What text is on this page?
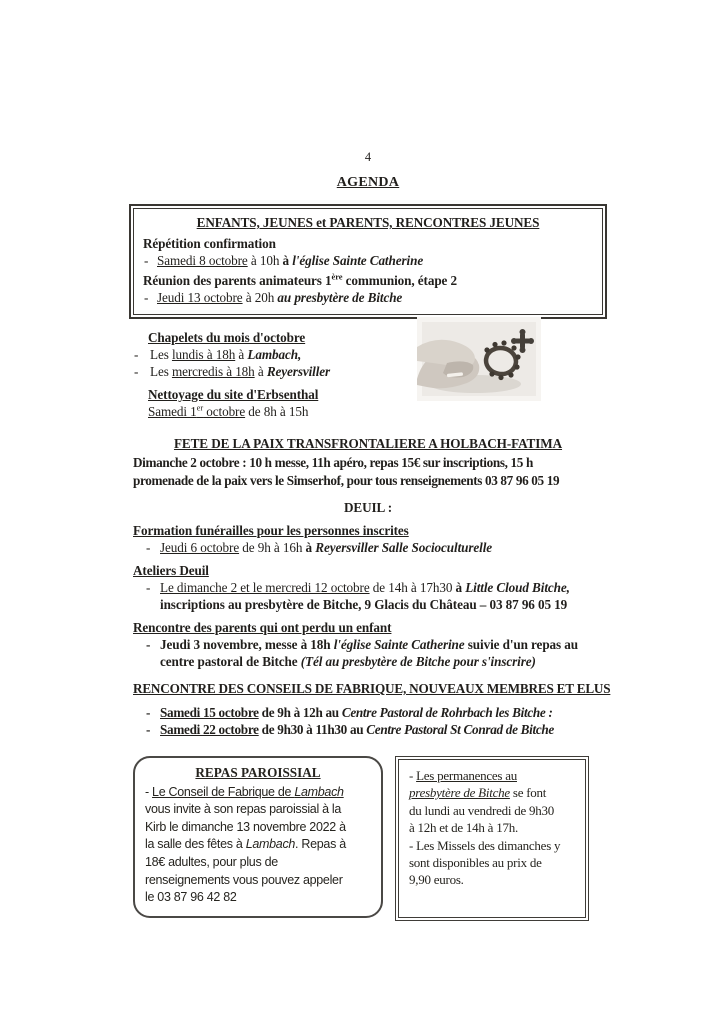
4
AGENDA
ENFANTS, JEUNES et PARENTS, RENCONTRES JEUNES
Répétition confirmation
- Samedi 8 octobre à 10h à l'église Sainte Catherine
Réunion des parents animateurs 1ère communion, étape 2
- Jeudi 13 octobre à 20h au presbytère de Bitche
Chapelets du mois d'octobre
- Les lundis à 18h à Lambach,
- Les mercredis à 18h à Reyersviller
Nettoyage du site d'Erbsenthal
Samedi 1er octobre de 8h à 15h
FETE DE LA PAIX TRANSFRONTALIERE A HOLBACH-FATIMA
Dimanche 2 octobre : 10 h messe, 11h apéro, repas 15€ sur inscriptions, 15 h
promenade de la paix vers le Simserhof, pour tous renseignements 03 87 96 05 19
DEUIL :
Formation funérailles pour les personnes inscrites
- Jeudi 6 octobre de 9h à 16h à Reyersviller Salle Socioculturelle
Ateliers Deuil
- Le dimanche 2 et le mercredi 12 octobre de 14h à 17h30 à Little Cloud Bitche,
inscriptions au presbytère de Bitche, 9 Glacis du Château – 03 87 96 05 19
Rencontre des parents qui ont perdu un enfant
- Jeudi 3 novembre, messe à 18h l'église Sainte Catherine suivie d'un repas au
centre pastoral de Bitche (Tél au presbytère de Bitche pour s'inscrire)
RENCONTRE DES CONSEILS DE FABRIQUE, NOUVEAUX MEMBRES ET ELUS
- Samedi 15 octobre de 9h à 12h au Centre Pastoral de Rohrbach les Bitche :
- Samedi 22 octobre de 9h30 à 11h30 au Centre Pastoral St Conrad de Bitche
REPAS PAROISSIAL
- Le Conseil de Fabrique de Lambach
vous invite à son repas paroissial à la
Kirb le dimanche 13 novembre 2022 à
la salle des fêtes à Lambach. Repas à
18€ adultes, pour plus de
renseignements vous pouvez appeler
le 03 87 96 42 82
- Les permanences au
presbytère de Bitche se font
du lundi au vendredi de 9h30
à 12h et de 14h à 17h.
- Les Missels des dimanches y
sont disponibles au prix de
9,90 euros.
